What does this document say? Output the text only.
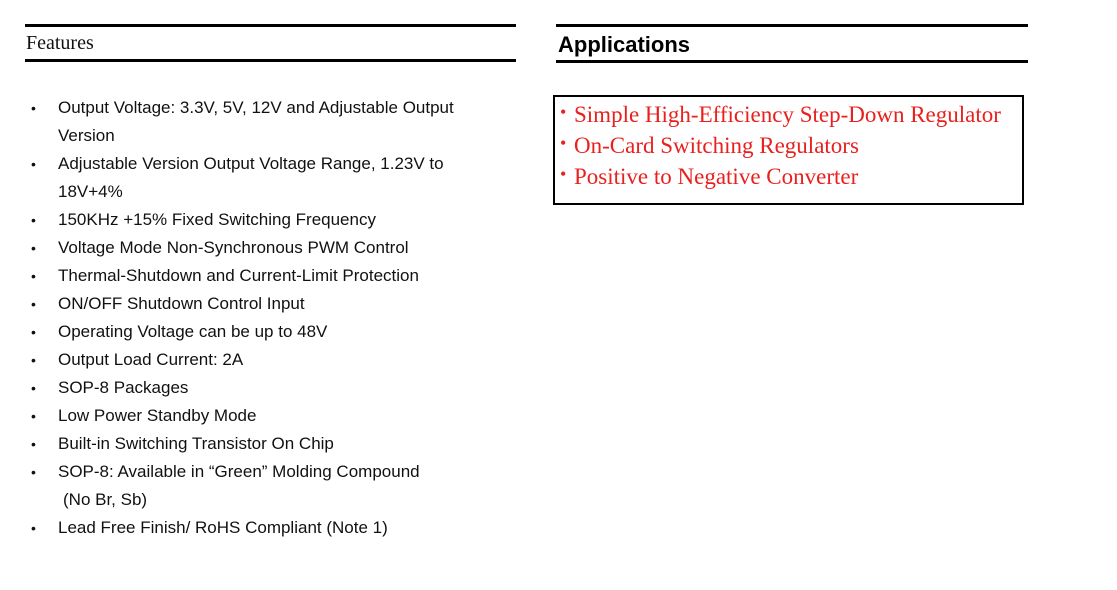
Features
• Output Voltage: 3.3V, 5V, 12V and Adjustable Output
Version
• Adjustable Version Output Voltage Range, 1.23V to
18V+4%
• 150KHz +15% Fixed Switching Frequency
• Voltage Mode Non-Synchronous PWM Control
• Thermal-Shutdown and Current-Limit Protection
• ON/OFF Shutdown Control Input
• Operating Voltage can be up to 48V
• Output Load Current: 2A
• SOP-8 Packages
• Low Power Standby Mode
• Built-in Switching Transistor On Chip
• SOP-8: Available in “Green” Molding Compound
(No Br, Sb)
• Lead Free Finish/ RoHS Compliant (Note 1)
Applications
• Simple High-Efficiency Step-Down Regulator
• On-Card Switching Regulators
• Positive to Negative Converter
